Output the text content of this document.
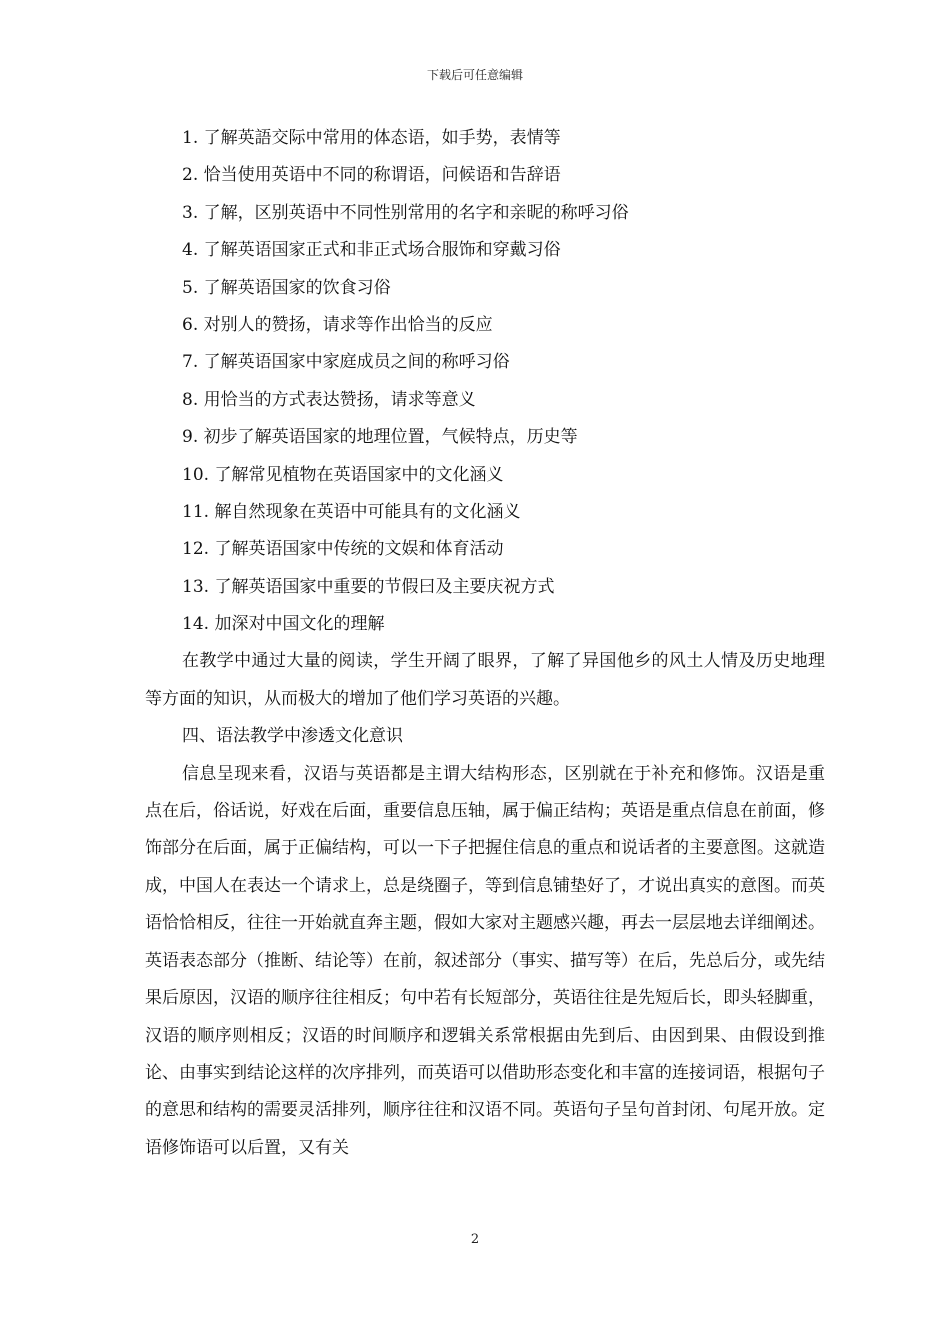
下载后可任意编辑
1. 了解英語交际中常用的体态语，如手势，表情等
2. 恰当使用英语中不同的称谓语，问候语和告辞语
3. 了解，区别英语中不同性别常用的名字和亲昵的称呼习俗
4. 了解英语国家正式和非正式场合服饰和穿戴习俗
5. 了解英语国家的饮食习俗
6. 对别人的赞扬，请求等作出恰当的反应
7. 了解英语国家中家庭成员之间的称呼习俗
8. 用恰当的方式表达赞扬，请求等意义
9. 初步了解英语国家的地理位置，气候特点，历史等
10. 了解常见植物在英语国家中的文化涵义
11. 解自然现象在英语中可能具有的文化涵义
12. 了解英语国家中传统的文娱和体育活动
13. 了解英语国家中重要的节假曰及主要庆祝方式
14. 加深对中国文化的理解

在教学中通过大量的阅读，学生开阔了眼界，了解了异国他乡的风土人情及历史地理等方面的知识，从而极大的增加了他们学习英语的兴趣。

四、语法教学中渗透文化意识

信息呈现来看，汉语与英语都是主谓大结构形态，区别就在于补充和修饰。汉语是重点在后，俗话说，好戏在后面，重要信息压轴，属于偏正结构；英语是重点信息在前面，修饰部分在后面，属于正偏结构，可以一下子把握住信息的重点和说话者的主要意图。这就造成，中国人在表达一个请求上，总是绕圈子，等到信息铺垫好了，才说出真实的意图。而英语恰恰相反，往往一开始就直奔主题，假如大家对主题感兴趣，再去一层层地去详细阐述。英语表态部分（推断、结论等）在前，叙述部分（事实、描写等）在后，先总后分，或先结果后原因，汉语的顺序往往相反；句中若有长短部分，英语往往是先短后长，即头轻脚重，汉语的顺序则相反；汉语的时间顺序和逻辑关系常根据由先到后、由因到果、由假设到推论、由事实到结论这样的次序排列，而英语可以借助形态变化和丰富的连接词语，根据句子的意思和结构的需要灵活排列，顺序往往和汉语不同。英语句子呈句首封闭、句尾开放。定语修饰语可以后置，又有关

2
